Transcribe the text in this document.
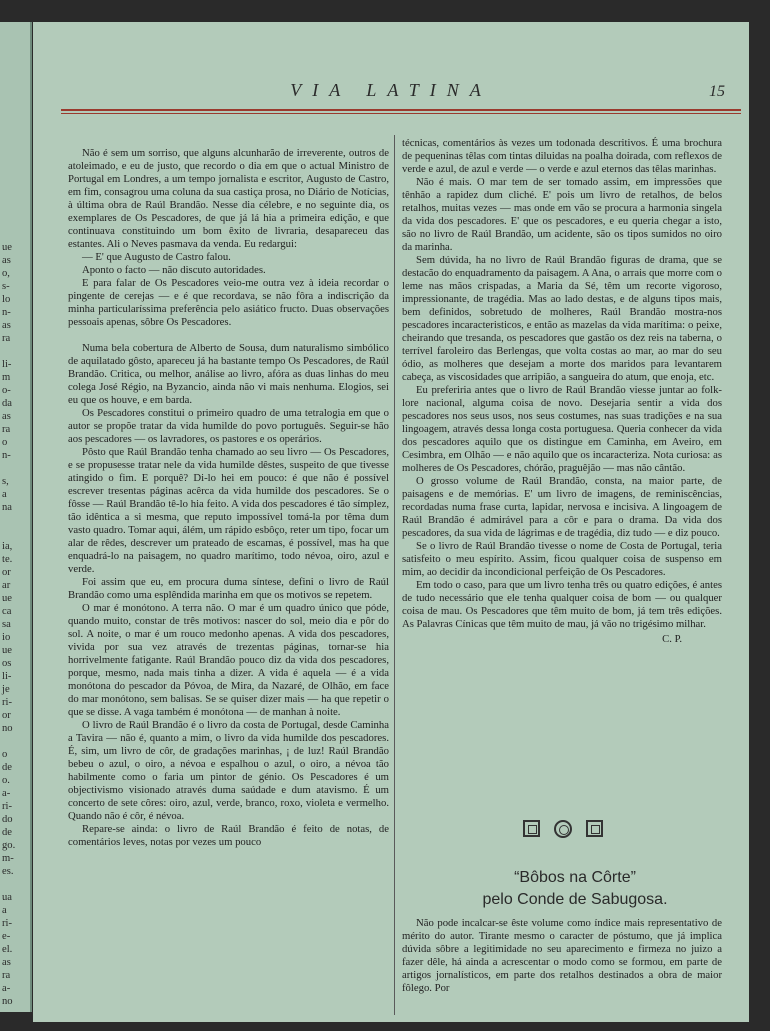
ue
as
o,
s-
lo
n-
as
ra
li-
m
o-
da
as
ra
o
n-
s,
a
na
ia,
te.
or
ar
ue
ca
sa
io
ue
os
li-
je
ri-
or
no
o
de
o.
a-
ri-
do
de
go.
m-
es.
ua
a
ri-
e-
el.
as
ra
a-
no
VIA LATINA	15

Não é sem um sorriso, que alguns alcunharão de irreverente, outros de atoleimado, e eu de justo, que recordo o dia em que o actual Ministro de Portugal em Londres, a um tempo jornalista e escritor, Augusto de Castro, em fim, consagrou uma coluna da sua castiça prosa, no Diário de Notícias, à última obra de Raúl Brandão. Nesse dia célebre, e no seguinte dia, os exemplares de Os Pescadores, de que já lá hia a primeira edição, e que continuava constituindo um bom êxito de livraria, desapareceu das estantes. Ali o Neves pasmava da venda. Eu redargui:

— E' que Augusto de Castro falou.

Aponto o facto — não discuto autoridades.

E para falar de Os Pescadores veio-me outra vez à ideia recordar o pingente de cerejas — e é que recordava, se não fôra a indiscrição da minha particularíssima preferência pelo asiático fructo. Duas observações pessoais apenas, sôbre Os Pescadores.

Numa bela cobertura de Alberto de Sousa, dum naturalismo simbólico de aquilatado gôsto, apareceu já ha bastante tempo Os Pescadores, de Raúl Brandão. Critica, ou melhor, análise ao livro, afóra as duas linhas do meu colega José Régio, na Byzancio, ainda não vi mais nenhuma. Elogios, sei eu que os houve, e em barda.

Os Pescadores constitui o primeiro quadro de uma tetralogia em que o autor se propõe tratar da vida humilde do povo português. Seguir-se hão aos pescadores — os lavradores, os pastores e os operários.

Pôsto que Raúl Brandão tenha chamado ao seu livro — Os Pescadores, e se propusesse tratar nele da vida humilde dêstes, suspeito de que tivesse atingido o fim. E porquê? Di-lo hei em pouco: é que não é possível escrever tresentas páginas acêrca da vida humilde dos pescadores. Se o fôsse — Raúl Brandão tê-lo hia feito. A vida dos pescadores é tão símplez, tão idêntica a si mesma, que reputo impossível tomá-la por têma dum vasto quadro. Tomar aqui, álém, um rápido esbôço, reter um tipo, focar um alar de rêdes, descrever um prateado de escamas, é possível, mas ha que enquadrá-lo na paisagem, no quadro marítimo, todo névoa, oiro, azul e verde.

Foi assim que eu, em procura duma síntese, defini o livro de Raúl Brandão como uma esplêndida marinha em que os motivos se repetem.

O mar é monótono. A terra não. O mar é um quadro único que póde, quando muito, constar de três motivos: nascer do sol, meio dia e pôr do sol. A noite, o mar é um rouco medonho apenas. A vida dos pescadores, vivida por sua vez através de trezentas páginas, tornar-se hia horrivelmente fatigante. Raúl Brandão pouco diz da vida dos pescadores, porque, mesmo, nada mais tinha a dizer. A vida é aquela — é a vida monótona do pescador da Póvoa, de Mira, da Nazaré, de Olhão, em face do mar monótono, sem balisas. Se se quiser dizer mais — ha que repetir o que se disse. A vaga também é monótona — de manhan à noite.

O livro de Raúl Brandão é o livro da costa de Portugal, desde Caminha a Tavira — não é, quanto a mim, o livro da vida humilde dos pescadores. É, sim, um livro de côr, de gradações marinhas, ¡ de luz! Raúl Brandão bebeu o azul, o oiro, a névoa e espalhou o azul, o oiro, a névoa tão habilmente como o faria um pintor de génio. Os Pescadores é um objectivismo visionado através duma saúdade e dum atavismo. É um concerto de sete côres: oiro, azul, verde, branco, roxo, violeta e vermelho. Quando não é côr, é névoa.

Repare-se ainda: o livro de Raúl Brandão é feito de notas, de comentários leves, notas por vezes um pouco

técnicas, comentários às vezes um todonada descritivos. É uma brochura de pequeninas têlas com tintas diluidas na poalha doirada, com reflexos de verde e azul, de azul e verde — o verde e azul eternos das têlas marinhas.

Não é mais. O mar tem de ser tomado assim, em impressões que tênhão a rapidez dum cliché. E' pois um livro de retalhos, de belos retalhos, muitas vezes — mas onde em vão se procura a harmonia singela da vida dos pescadores. E' que os pescadores, e eu queria chegar a isto, são no livro de Raúl Brandão, um acidente, são os tipos sumidos no oiro da marinha.

Sem dúvida, ha no livro de Raúl Brandão figuras de drama, que se destacão do enquadramento da paisagem. A Ana, o arrais que morre com o leme nas mãos crispadas, a Maria da Sé, têm um recorte vigoroso, impressionante, de tragédia. Mas ao lado destas, e de alguns tipos mais, bem definidos, sobretudo de molheres, Raúl Brandão mostra-nos pescadores incaracteristicos, e então as mazelas da vida marítima: o peixe, cheirando que tresanda, os pescadores que gastão os dez reis na taberna, o terrível faroleiro das Berlengas, que volta costas ao mar, ao mar do seu ódio, as molheres que desejam a morte dos maridos para levantarem cabeça, as viscosidades que arripião, a sangueira do atum, que enoja, etc.

Eu preferiria antes que o livro de Raúl Brandão viesse juntar ao folk-lore nacional, alguma coisa de novo. Desejaria sentir a vida dos pescadores nos seus usos, nos seus costumes, nas suas tradições e na sua lingoagem, através dessa longa costa portuguesa. Queria conhecer da vida dos pescadores aquilo que os distingue em Caminha, em Aveiro, em Cesimbra, em Olhão — e não aquilo que os incaracteriza. Nota curiosa: as molheres de Os Pescadores, chórão, praguêjão — mas não cântão.

O grosso volume de Raúl Brandão, consta, na maior parte, de paisagens e de memórias. E' um livro de imagens, de reminiscências, recordadas numa frase curta, lapidar, nervosa e incisiva. A lingoagem de Raúl Brandão é admirável para a côr e para o drama. Da vida dos pescadores, da sua vida de lágrimas e de tragédia, diz tudo — e diz pouco.

Se o livro de Raúl Brandão tivesse o nome de Costa de Portugal, teria satisfeito o meu espírito. Assim, ficou qualquer coisa de suspenso em mim, ao decidir da incondicional perfeição de Os Pescadores.

Em todo o caso, para que um livro tenha três ou quatro edições, é antes de tudo necessário que ele tenha qualquer coisa de bom — ou qualquer coisa de mau. Os Pescadores que têm muito de bom, já tem três edições. As Palavras Cínicas que têm muito de mau, já vão no trigésimo milhar.

C. P.
“Bôbos na Côrte”
pelo Conde de Sabugosa.

Não pode incalcar-se êste volume como índice mais representativo de mérito do autor. Tirante mesmo o caracter de póstumo, que já implica dúvida sôbre a legitimidade no seu aparecimento e firmeza no juizo a fazer dêle, há ainda a acrescentar o modo como se formou, em parte de artigos jornalísticos, em parte dos retalhos destinados a obra de maior fôlego. Por
